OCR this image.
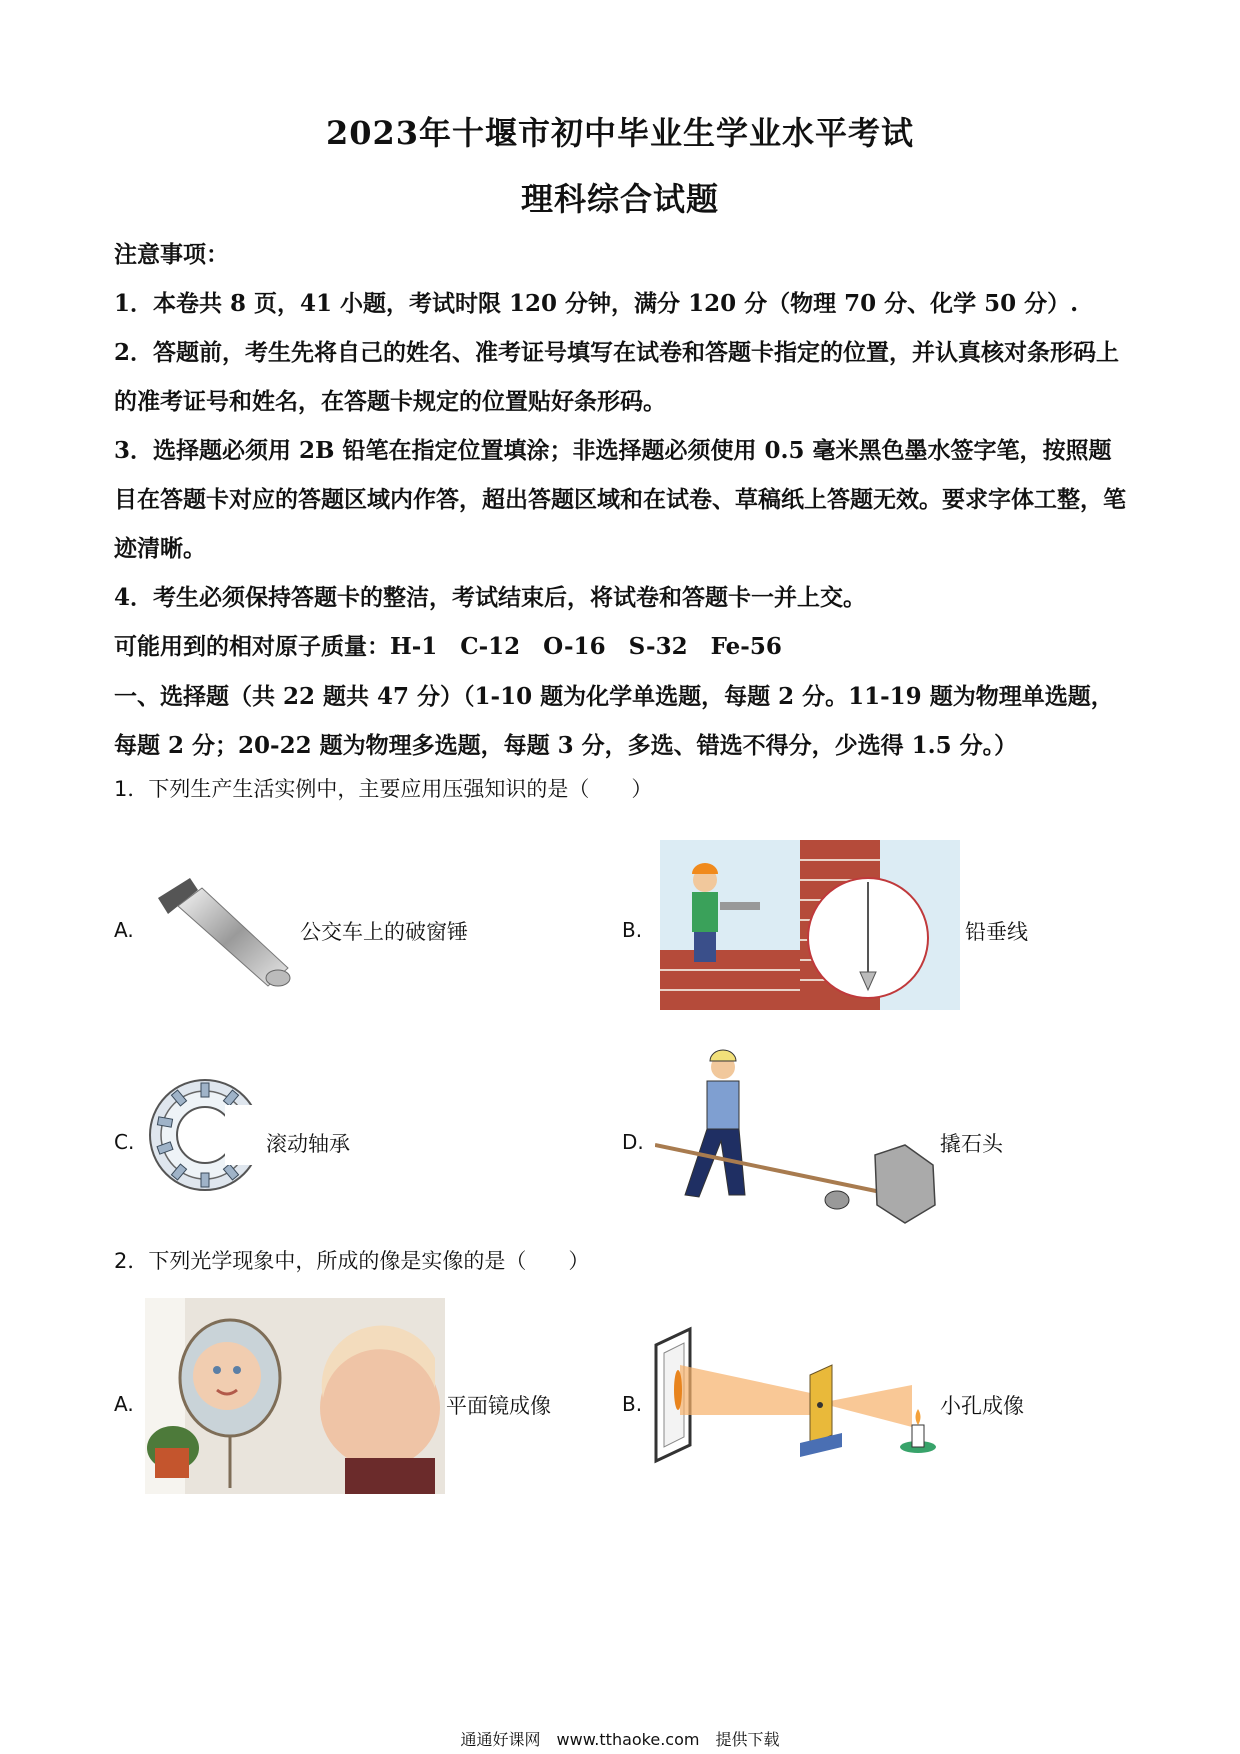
2023年十堰市初中毕业生学业水平考试
理科综合试题
注意事项：
1．本卷共 8 页，41 小题，考试时限 120 分钟，满分 120 分（物理 70 分、化学 50 分）.
2．答题前，考生先将自己的姓名、准考证号填写在试卷和答题卡指定的位置，并认真核对条形码上的准考证号和姓名，在答题卡规定的位置贴好条形码。
3．选择题必须用 2B 铅笔在指定位置填涂；非选择题必须使用 0.5 毫米黑色墨水签字笔，按照题目在答题卡对应的答题区域内作答，超出答题区域和在试卷、草稿纸上答题无效。要求字体工整，笔迹清晰。
4．考生必须保持答题卡的整洁，考试结束后，将试卷和答题卡一并上交。
可能用到的相对原子质量：H-1　C-12　O-16　S-32　Fe-56
一、选择题（共 22 题共 47 分）（1-10 题为化学单选题，每题 2 分。11-19 题为物理单选题，每题 2 分；20-22 题为物理多选题，每题 3 分，多选、错选不得分，少选得 1.5 分。）
1．下列生产生活实例中，主要应用压强知识的是（　　）
A.	公交车上的破窗锤	B.	铅垂线
C.	滚动轴承	D.	撬石头
2．下列光学现象中，所成的像是实像的是（　　）
A.	平面镜成像	B.	小孔成像
通通好课网　www.tthaoke.com　提供下载
